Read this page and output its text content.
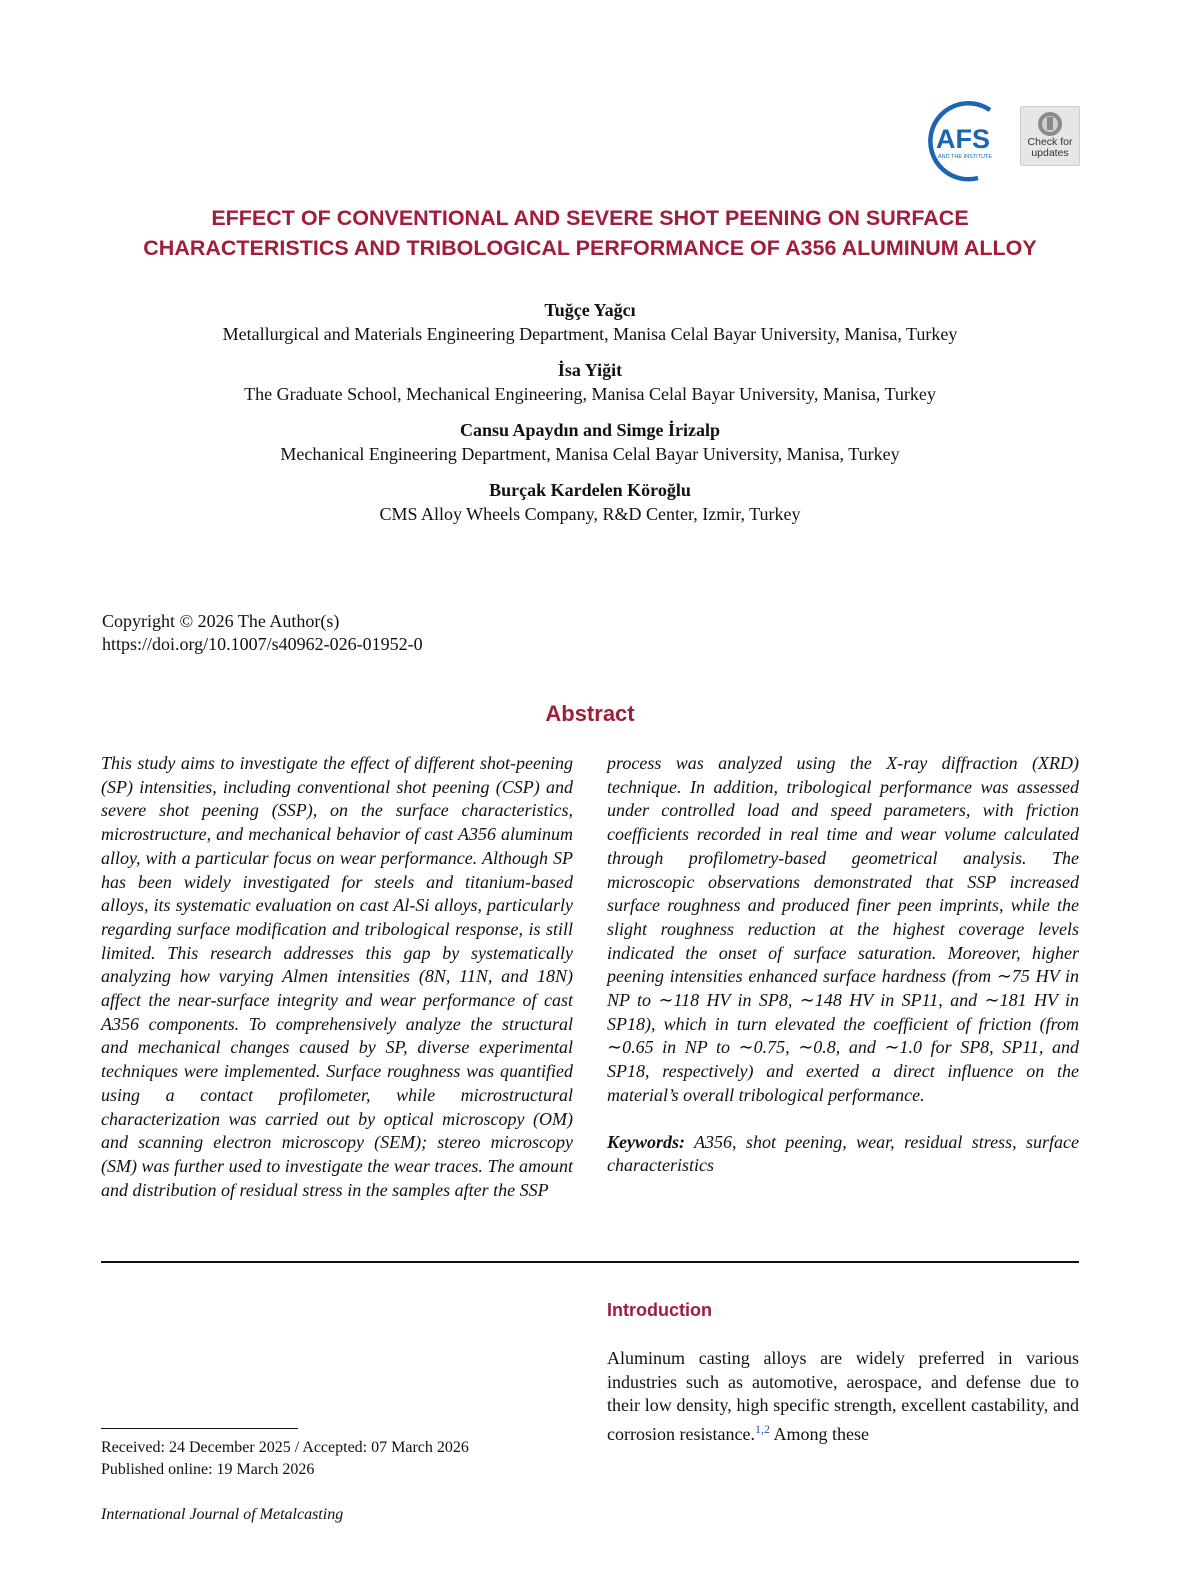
AFS
AND THE INSTITUTE
Check for updates
EFFECT OF CONVENTIONAL AND SEVERE SHOT PEENING ON SURFACE
CHARACTERISTICS AND TRIBOLOGICAL PERFORMANCE OF A356 ALUMINUM ALLOY
Tuğçe Yağcı
Metallurgical and Materials Engineering Department, Manisa Celal Bayar University, Manisa, Turkey
İsa Yiğit
The Graduate School, Mechanical Engineering, Manisa Celal Bayar University, Manisa, Turkey
Cansu Apaydın and Simge İrizalp
Mechanical Engineering Department, Manisa Celal Bayar University, Manisa, Turkey
Burçak Kardelen Köroğlu
CMS Alloy Wheels Company, R&D Center, Izmir, Turkey
Copyright © 2026 The Author(s)
https://doi.org/10.1007/s40962-026-01952-0
Abstract
This study aims to investigate the effect of different shot-peening (SP) intensities, including conventional shot peening (CSP) and severe shot peening (SSP), on the surface characteristics, microstructure, and mechanical behavior of cast A356 aluminum alloy, with a particular focus on wear performance. Although SP has been widely investigated for steels and titanium-based alloys, its systematic evaluation on cast Al-Si alloys, particularly regarding surface modification and tribological response, is still limited. This research addresses this gap by systematically analyzing how varying Almen intensities (8N, 11N, and 18N) affect the near-surface integrity and wear performance of cast A356 components. To comprehensively analyze the structural and mechanical changes caused by SP, diverse experimental techniques were implemented. Surface roughness was quantified using a contact profilometer, while microstructural characterization was carried out by optical microscopy (OM) and scanning electron microscopy (SEM); stereo microscopy (SM) was further used to investigate the wear traces. The amount and distribution of residual stress in the samples after the SSP
process was analyzed using the X-ray diffraction (XRD) technique. In addition, tribological performance was assessed under controlled load and speed parameters, with friction coefficients recorded in real time and wear volume calculated through profilometry-based geometrical analysis. The microscopic observations demonstrated that SSP increased surface roughness and produced finer peen imprints, while the slight roughness reduction at the highest coverage levels indicated the onset of surface saturation. Moreover, higher peening intensities enhanced surface hardness (from ∼75 HV in NP to ∼118 HV in SP8, ∼148 HV in SP11, and ∼181 HV in SP18), which in turn elevated the coefficient of friction (from ∼0.65 in NP to ∼0.75, ∼0.8, and ∼1.0 for SP8, SP11, and SP18, respectively) and exerted a direct influence on the material’s overall tribological performance.
Keywords: A356, shot peening, wear, residual stress, surface characteristics
Introduction

Aluminum casting alloys are widely preferred in various industries such as automotive, aerospace, and defense due to their low density, high specific strength, excellent castability, and corrosion resistance.$^{1,2}$ Among these

Received: 24 December 2025 / Accepted: 07 March 2026
Published online: 19 March 2026
International Journal of Metalcasting
